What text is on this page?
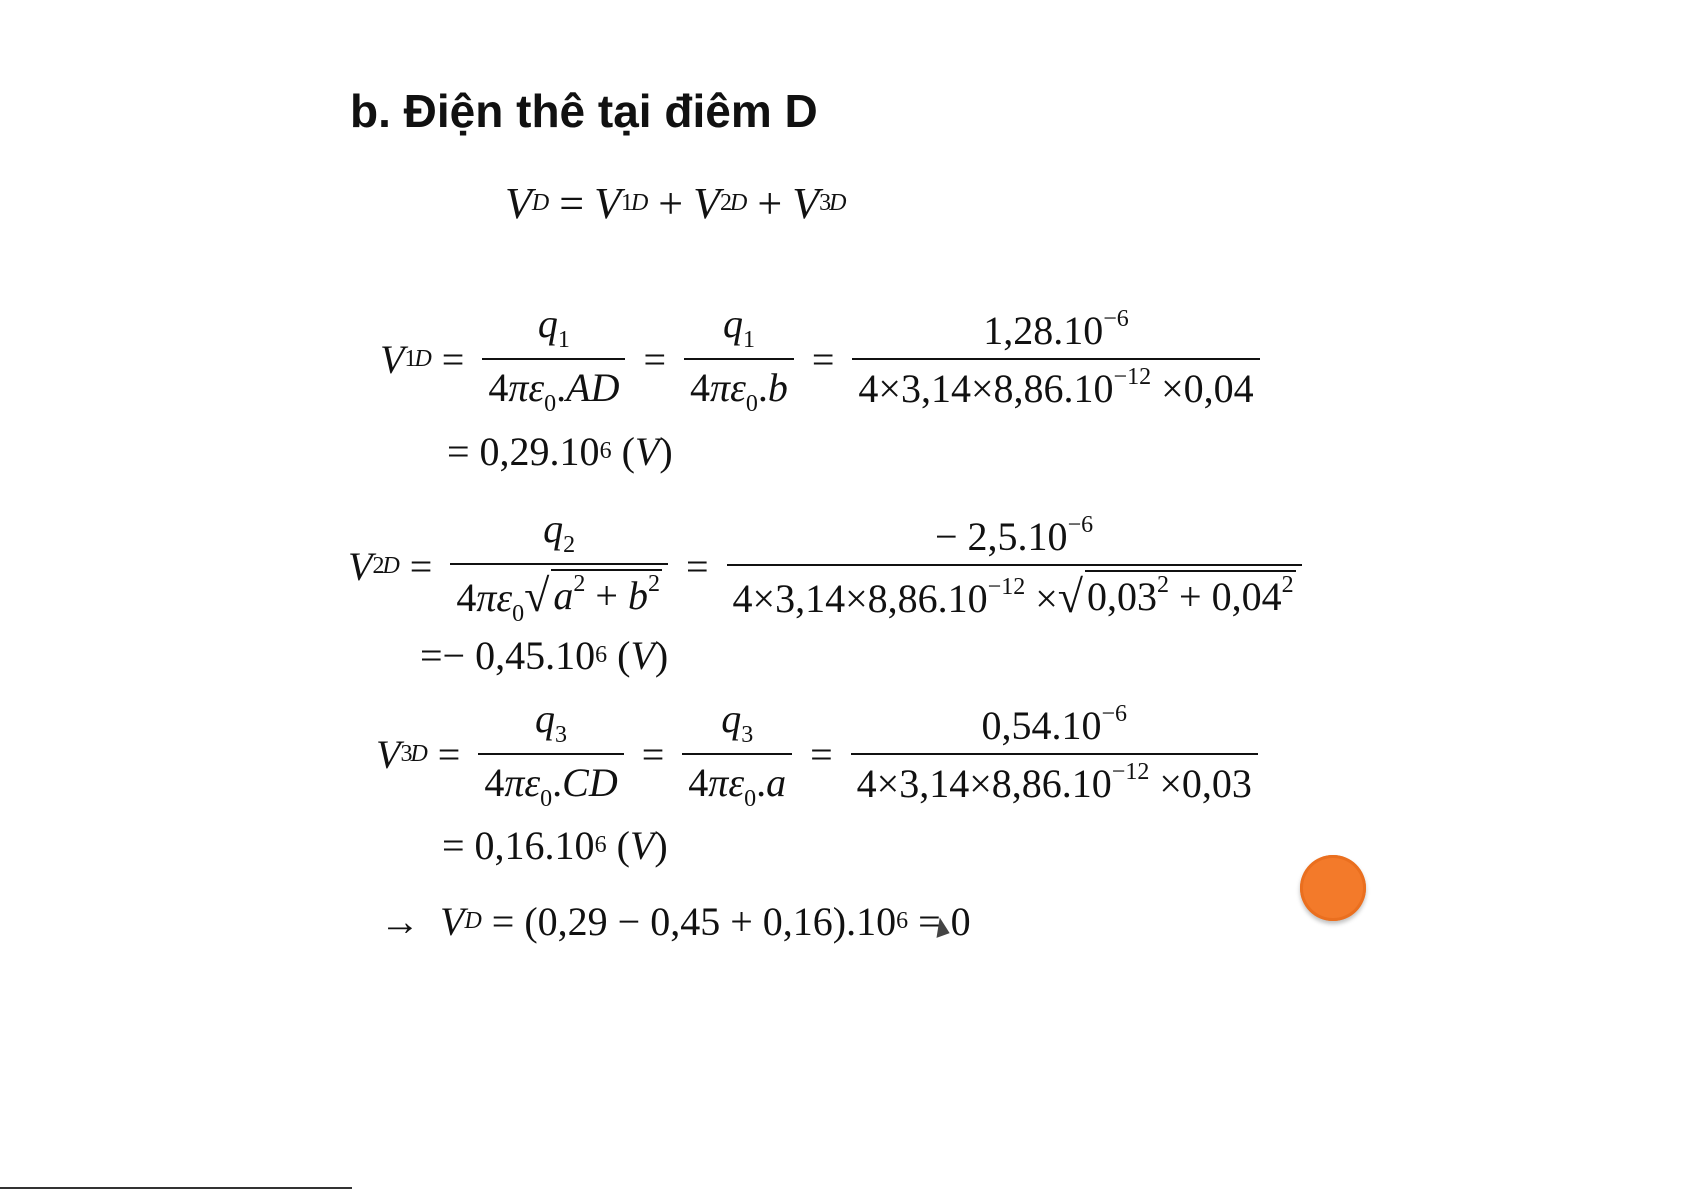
b. Điện thê tại điêm D
V D = V 1
D + V 2
D + V 3
D
V 1
$D = \frac{q_1}{4\pi\varepsilon_0.AD} = \frac{q_1}{4\pi\varepsilon_0.b} = \frac{1,28.10^{-6}}{4\times 3,14\times 8,86.10^{-12} \times 0,04}$
= 0,29.10 6 ( V )
V 2
$D = \frac{q_2}{4\pi\varepsilon_0 √ a^2 + b^2} = \frac{- 2,5.10^{-6}}{4\times 3,14\times 8,86.10^{-12} \times √ 0,03^2 + 0,04^2}$
=− 0,45.10 6 ( V )
V 3
$D = \frac{q_3}{4\pi\varepsilon_0.CD} = \frac{q_3}{4\pi\varepsilon_0.a} = \frac{0,54.10^{-6}}{4\times 3,14\times 8,86.10^{-12} \times 0,03}$
= 0,16.10 6 ( V )
→
V D = (0,29 − 0,45 + 0,16).10 6 = 0
